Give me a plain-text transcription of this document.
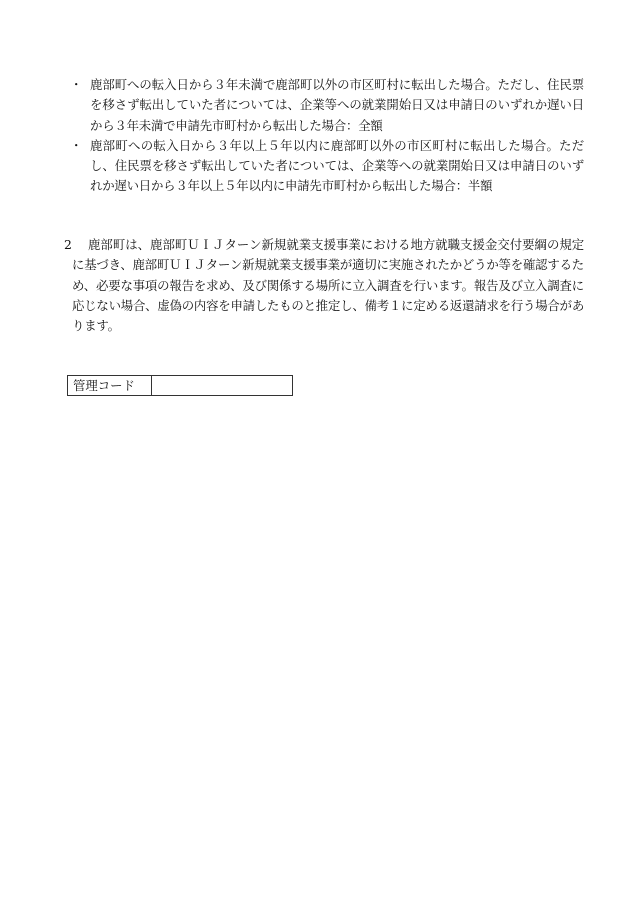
・ 鹿部町への転入日から３年未満で鹿部町以外の市区町村に転出した場合。ただし、住民票を移さず転出していた者については、企業等への就業開始日又は申請日のいずれか遅い日から３年未満で申請先市町村から転出した場合：全額
・ 鹿部町への転入日から３年以上５年以内に鹿部町以外の市区町村に転出した場合。ただし、住民票を移さず転出していた者については、企業等への就業開始日又は申請日のいずれか遅い日から３年以上５年以内に申請先市町村から転出した場合：半額
2	鹿部町は、鹿部町ＵＩＪターン新規就業支援事業における地方就職支援金交付要綱の規定に基づき、鹿部町ＵＩＪターン新規就業支援事業が適切に実施されたかどうか等を確認するため、必要な事項の報告を求め、及び関係する場所に立入調査を行います。報告及び立入調査に応じない場合、虚偽の内容を申請したものと推定し、備考１に定める返還請求を行う場合があります。

管理コード	
